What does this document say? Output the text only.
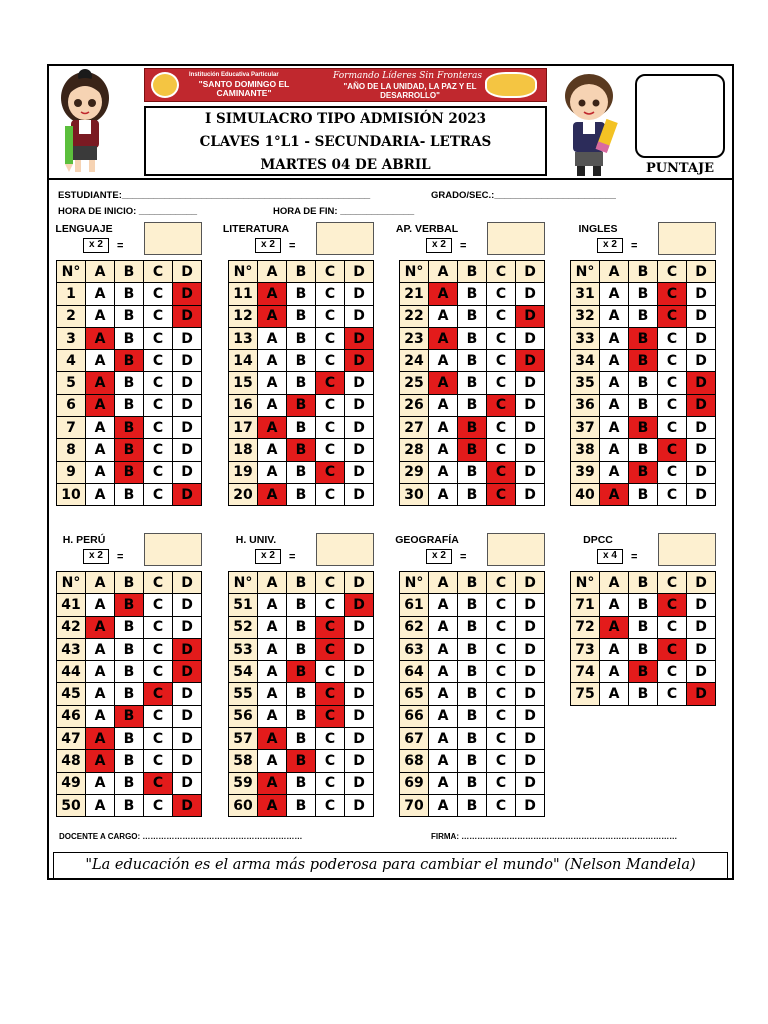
Institución Educativa Particular
"SANTO DOMINGO EL CAMINANTE"
Formando Líderes Sin Fronteras
"AÑO DE LA UNIDAD, LA PAZ Y EL DESARROLLO"
I SIMULACRO TIPO ADMISIÓN 2023
CLAVES 1°L1 - SECUNDARIA- LETRAS
MARTES 04 DE ABRIL	PUNTAJE
ESTUDIANTE:_______________________________________________	GRADO/SEC.:_______________________
HORA DE INICIO: ___________	HORA DE FIN: ______________
LENGUAJE
x 2	=
N°	A	B	C	D
1	A	B	C	D
2	A	B	C	D
3	A	B	C	D
4	A	B	C	D
5	A	B	C	D
6	A	B	C	D
7	A	B	C	D
8	A	B	C	D
9	A	B	C	D
10	A	B	C	D
LITERATURA
x 2	=
N°	A	B	C	D
11	A	B	C	D
12	A	B	C	D
13	A	B	C	D
14	A	B	C	D
15	A	B	C	D
16	A	B	C	D
17	A	B	C	D
18	A	B	C	D
19	A	B	C	D
20	A	B	C	D
AP. VERBAL
x 2	=
N°	A	B	C	D
21	A	B	C	D
22	A	B	C	D
23	A	B	C	D
24	A	B	C	D
25	A	B	C	D
26	A	B	C	D
27	A	B	C	D
28	A	B	C	D
29	A	B	C	D
30	A	B	C	D
INGLES
x 2	=
N°	A	B	C	D
31	A	B	C	D
32	A	B	C	D
33	A	B	C	D
34	A	B	C	D
35	A	B	C	D
36	A	B	C	D
37	A	B	C	D
38	A	B	C	D
39	A	B	C	D
40	A	B	C	D
H. PERÚ
x 2	=
N°	A	B	C	D
41	A	B	C	D
42	A	B	C	D
43	A	B	C	D
44	A	B	C	D
45	A	B	C	D
46	A	B	C	D
47	A	B	C	D
48	A	B	C	D
49	A	B	C	D
50	A	B	C	D
H. UNIV.
x 2	=
N°	A	B	C	D
51	A	B	C	D
52	A	B	C	D
53	A	B	C	D
54	A	B	C	D
55	A	B	C	D
56	A	B	C	D
57	A	B	C	D
58	A	B	C	D
59	A	B	C	D
60	A	B	C	D
GEOGRAFÍA
x 2	=
N°	A	B	C	D
61	A	B	C	D
62	A	B	C	D
63	A	B	C	D
64	A	B	C	D
65	A	B	C	D
66	A	B	C	D
67	A	B	C	D
68	A	B	C	D
69	A	B	C	D
70	A	B	C	D
DPCC
x 4	=
N°	A	B	C	D
71	A	B	C	D
72	A	B	C	D
73	A	B	C	D
74	A	B	C	D
75	A	B	C	D
DOCENTE A CARGO: ……………………………………………………	FIRMA: ………………………………………………………………………
"La educación es el arma más poderosa para cambiar el mundo" (Nelson Mandela)
